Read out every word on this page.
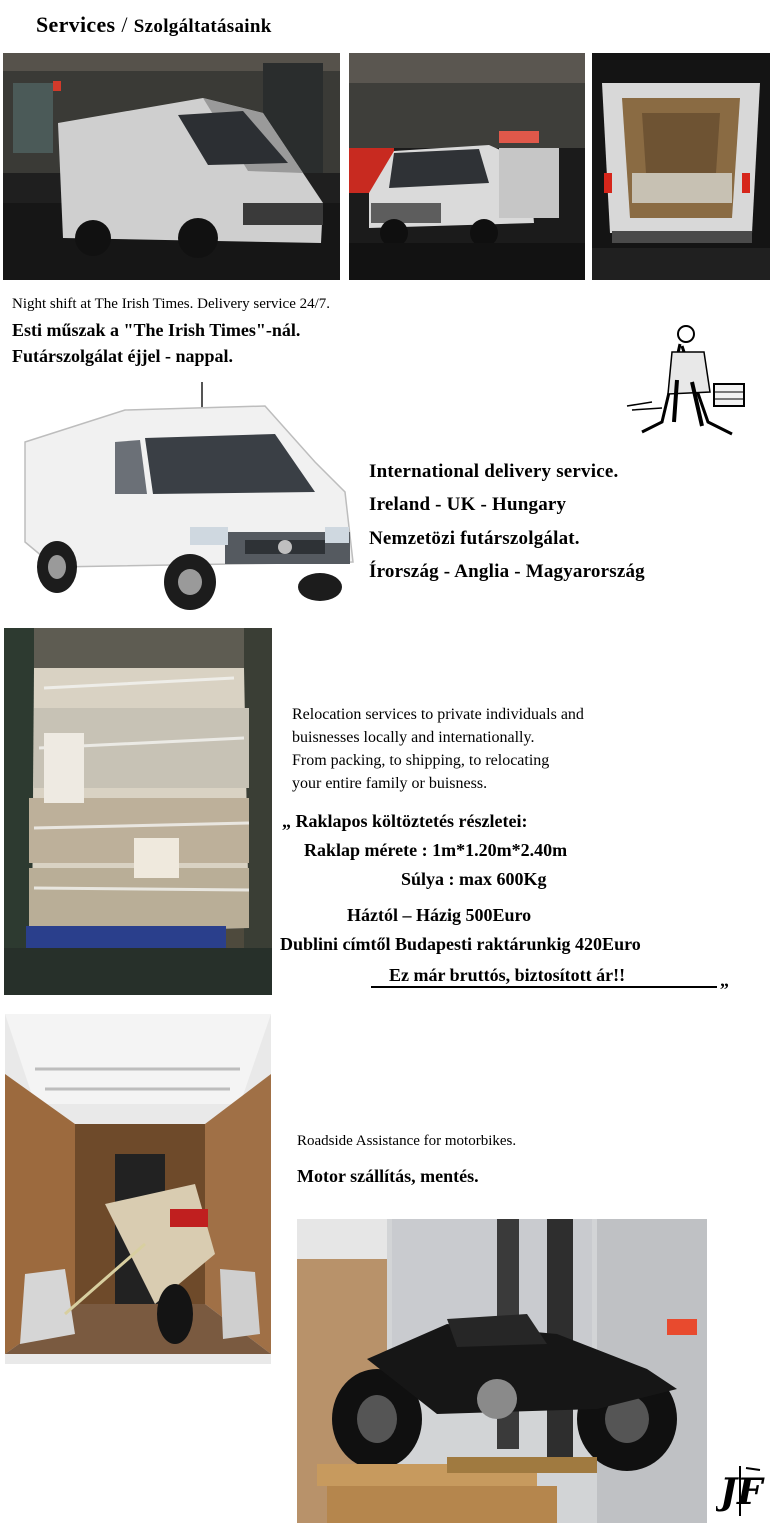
Services / Szolgáltatásaink
Night shift at The Irish Times. Delivery service 24/7.
Esti műszak a "The Irish Times"-nál.
Futárszolgálat éjjel - nappal.
International delivery service.
Ireland - UK - Hungary
Nemzetözi futárszolgálat.
Írország - Anglia - Magyarország
Relocation services to private individuals and
buisnesses locally and internationally.
From packing, to shipping, to relocating
your entire family or buisness.
„ Raklapos költöztetés részletei:
Raklap mérete : 1m*1.20m*2.40m
Súlya : max 600Kg
Háztól – Házig 500Euro
Dublini címtől Budapesti raktárunkig 420Euro
Ez már bruttós, biztosított ár!!	„
Roadside Assistance for motorbikes.
Motor szállítás, mentés.
JF
